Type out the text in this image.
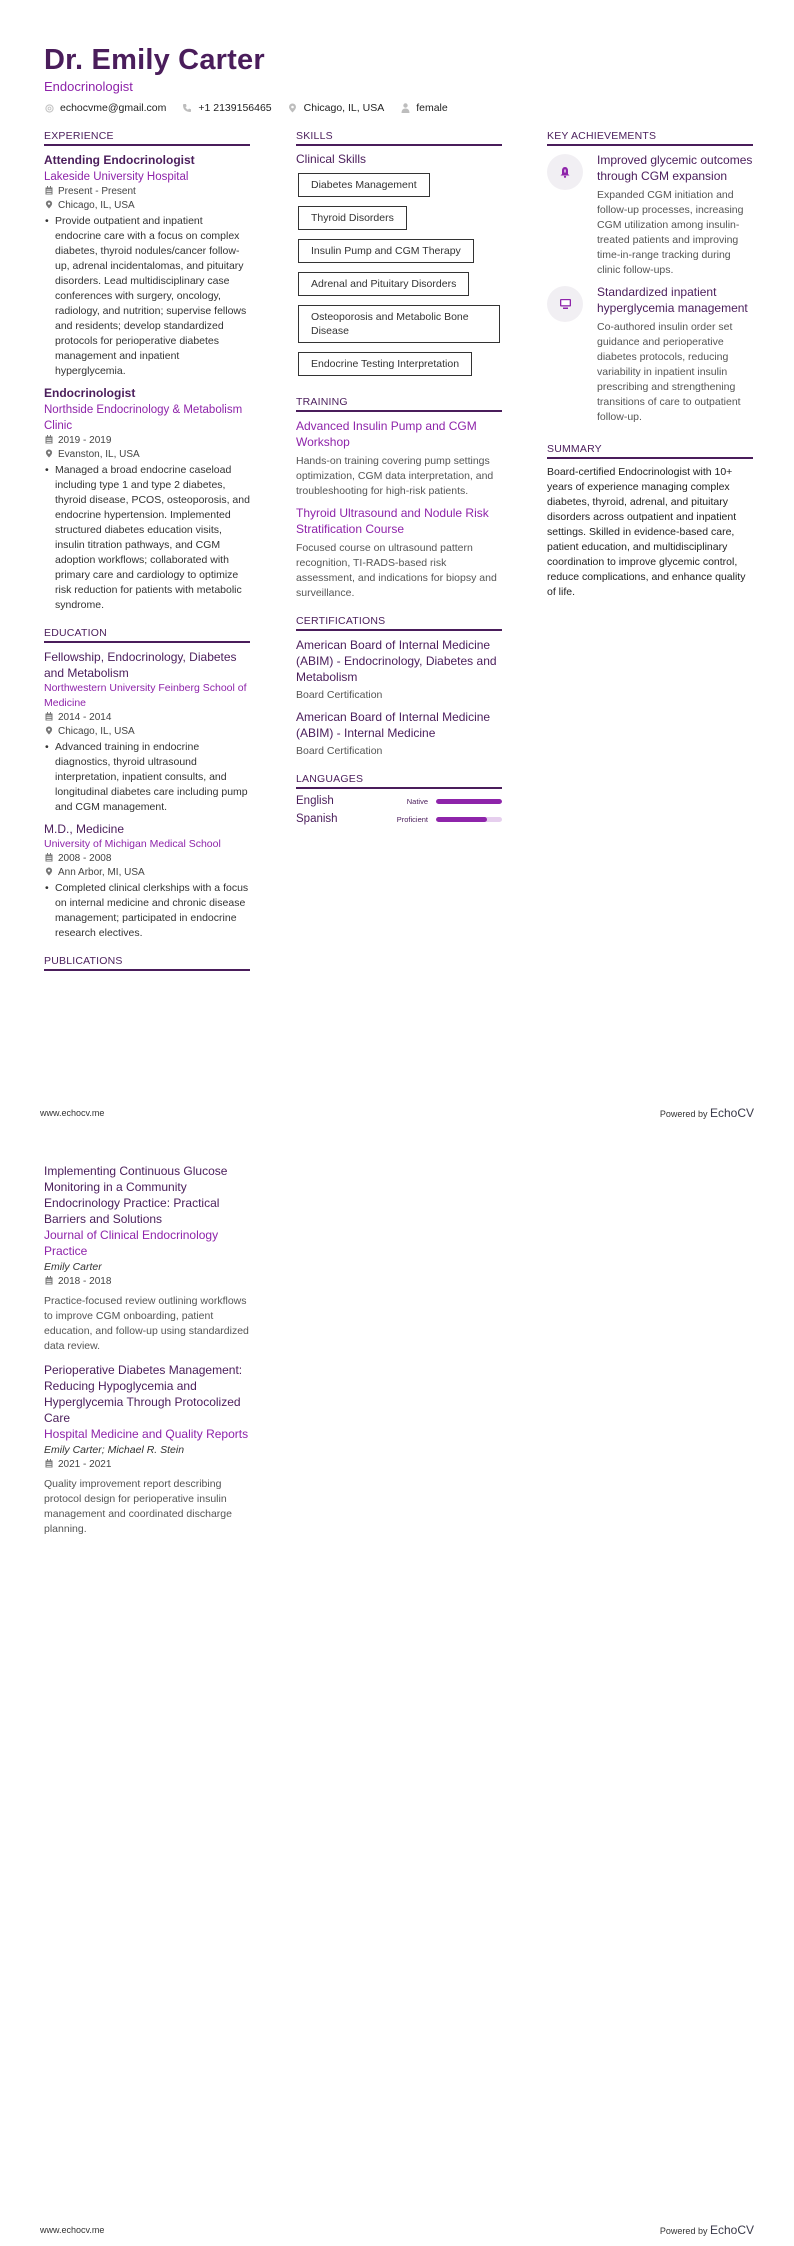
Dr. Emily Carter
Endocrinologist
echocvme@gmail.com	+1 2139156465	Chicago, IL, USA	female
EXPERIENCE
Attending Endocrinologist
Lakeside University Hospital
Present - Present
Chicago, IL, USA
• Provide outpatient and inpatient endocrine care with a focus on complex diabetes, thyroid nodules/cancer follow-up, adrenal incidentalomas, and pituitary disorders. Lead multidisciplinary case conferences with surgery, oncology, radiology, and nutrition; supervise fellows and residents; develop standardized protocols for perioperative diabetes management and inpatient hyperglycemia.
Endocrinologist
Northside Endocrinology & Metabolism Clinic
2019 - 2019
Evanston, IL, USA
• Managed a broad endocrine caseload including type 1 and type 2 diabetes, thyroid disease, PCOS, osteoporosis, and endocrine hypertension. Implemented structured diabetes education visits, insulin titration pathways, and CGM adoption workflows; collaborated with primary care and cardiology to optimize risk reduction for patients with metabolic syndrome.
EDUCATION
Fellowship, Endocrinology, Diabetes and Metabolism
Northwestern University Feinberg School of Medicine
2014 - 2014
Chicago, IL, USA
• Advanced training in endocrine diagnostics, thyroid ultrasound interpretation, inpatient consults, and longitudinal diabetes care including pump and CGM management.
M.D., Medicine
University of Michigan Medical School
2008 - 2008
Ann Arbor, MI, USA
• Completed clinical clerkships with a focus on internal medicine and chronic disease management; participated in endocrine research electives.
PUBLICATIONS
SKILLS
Clinical Skills
Diabetes Management
Thyroid Disorders
Insulin Pump and CGM Therapy
Adrenal and Pituitary Disorders
Osteoporosis and Metabolic Bone Disease
Endocrine Testing Interpretation
TRAINING
Advanced Insulin Pump and CGM Workshop
Hands-on training covering pump settings optimization, CGM data interpretation, and troubleshooting for high-risk patients.
Thyroid Ultrasound and Nodule Risk Stratification Course
Focused course on ultrasound pattern recognition, TI-RADS-based risk assessment, and indications for biopsy and surveillance.
CERTIFICATIONS
American Board of Internal Medicine (ABIM) - Endocrinology, Diabetes and Metabolism
Board Certification
American Board of Internal Medicine (ABIM) - Internal Medicine
Board Certification
LANGUAGES
English	Native
Spanish	Proficient
KEY ACHIEVEMENTS
Improved glycemic outcomes through CGM expansion
Expanded CGM initiation and follow-up processes, increasing CGM utilization among insulin-treated patients and improving time-in-range tracking during clinic follow-ups.
Standardized inpatient hyperglycemia management
Co-authored insulin order set guidance and perioperative diabetes protocols, reducing variability in inpatient insulin prescribing and strengthening transitions of care to outpatient follow-up.
SUMMARY
Board-certified Endocrinologist with 10+ years of experience managing complex diabetes, thyroid, adrenal, and pituitary disorders across outpatient and inpatient settings. Skilled in evidence-based care, patient education, and multidisciplinary coordination to improve glycemic control, reduce complications, and enhance quality of life.
www.echocv.me	Powered by EchoCV
Implementing Continuous Glucose Monitoring in a Community Endocrinology Practice: Practical Barriers and Solutions
Journal of Clinical Endocrinology Practice
Emily Carter
2018 - 2018
Practice-focused review outlining workflows to improve CGM onboarding, patient education, and follow-up using standardized data review.
Perioperative Diabetes Management: Reducing Hypoglycemia and Hyperglycemia Through Protocolized Care
Hospital Medicine and Quality Reports
Emily Carter; Michael R. Stein
2021 - 2021
Quality improvement report describing protocol design for perioperative insulin management and coordinated discharge planning.
www.echocv.me	Powered by EchoCV
